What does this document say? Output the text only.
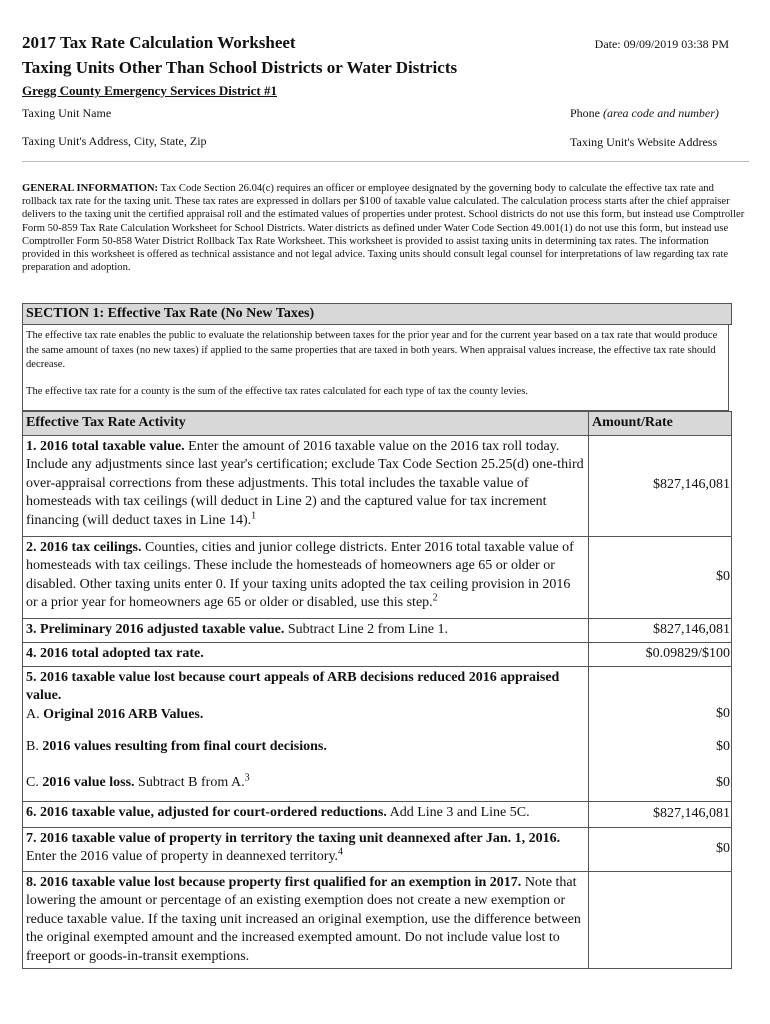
2017 Tax Rate Calculation Worksheet	Date: 09/09/2019 03:38 PM
Taxing Units Other Than School Districts or Water Districts
Gregg County Emergency Services District #1
Taxing Unit Name	Phone (area code and number)
Taxing Unit's Address, City, State, Zip	Taxing Unit's Website Address
GENERAL INFORMATION: Tax Code Section 26.04(c) requires an officer or employee designated by the governing body to calculate the effective tax rate and rollback tax rate for the taxing unit. These tax rates are expressed in dollars per $100 of taxable value calculated. The calculation process starts after the chief appraiser delivers to the taxing unit the certified appraisal roll and the estimated values of properties under protest. School districts do not use this form, but instead use Comptroller Form 50-859 Tax Rate Calculation Worksheet for School Districts. Water districts as defined under Water Code Section 49.001(1) do not use this form, but instead use Comptroller Form 50-858 Water District Rollback Tax Rate Worksheet. This worksheet is provided to assist taxing units in determining tax rates. The information provided in this worksheet is offered as technical assistance and not legal advice. Taxing units should consult legal counsel for interpretations of law regarding tax rate preparation and adoption.
SECTION 1: Effective Tax Rate (No New Taxes)

The effective tax rate enables the public to evaluate the relationship between taxes for the prior year and for the current year based on a tax rate that would produce the same amount of taxes (no new taxes) if applied to the same properties that are taxed in both years. When appraisal values increase, the effective tax rate should decrease.

The effective tax rate for a county is the sum of the effective tax rates calculated for each type of tax the county levies.

Effective Tax Rate Activity	Amount/Rate
1. 2016 total taxable value. Enter the amount of 2016 taxable value on the 2016 tax roll today. Include any adjustments since last year's certification; exclude Tax Code Section 25.25(d) one-third over-appraisal corrections from these adjustments. This total includes the taxable value of homesteads with tax ceilings (will deduct in Line 2) and the captured value for tax increment financing (will deduct taxes in Line 14).$^1$	$827,146,081
2. 2016 tax ceilings. Counties, cities and junior college districts. Enter 2016 total taxable value of homesteads with tax ceilings. These include the homesteads of homeowners age 65 or older or disabled. Other taxing units enter 0. If your taxing units adopted the tax ceiling provision in 2016 or a prior year for homeowners age 65 or older or disabled, use this step.$^2$	$0
3. Preliminary 2016 adjusted taxable value. Subtract Line 2 from Line 1.	$827,146,081
4. 2016 total adopted tax rate.	$0.09829/$100

5. 2016 taxable value lost because court appeals of ARB decisions reduced 2016 appraised value.
A. Original 2016 ARB Values.	$0
B. 2016 values resulting from final court decisions.	$0
C. 2016 value loss. Subtract B from A.$^3$	$0
6. 2016 taxable value, adjusted for court-ordered reductions. Add Line 3 and Line 5C.	$827,146,081
7. 2016 taxable value of property in territory the taxing unit deannexed after Jan. 1, 2016. Enter the 2016 value of property in deannexed territory.$^4$	$0
8. 2016 taxable value lost because property first qualified for an exemption in 2017. Note that lowering the amount or percentage of an existing exemption does not create a new exemption or reduce taxable value. If the taxing unit increased an original exemption, use the difference between the original exempted amount and the increased exempted amount. Do not include value lost to freeport or goods-in-transit exemptions.	
